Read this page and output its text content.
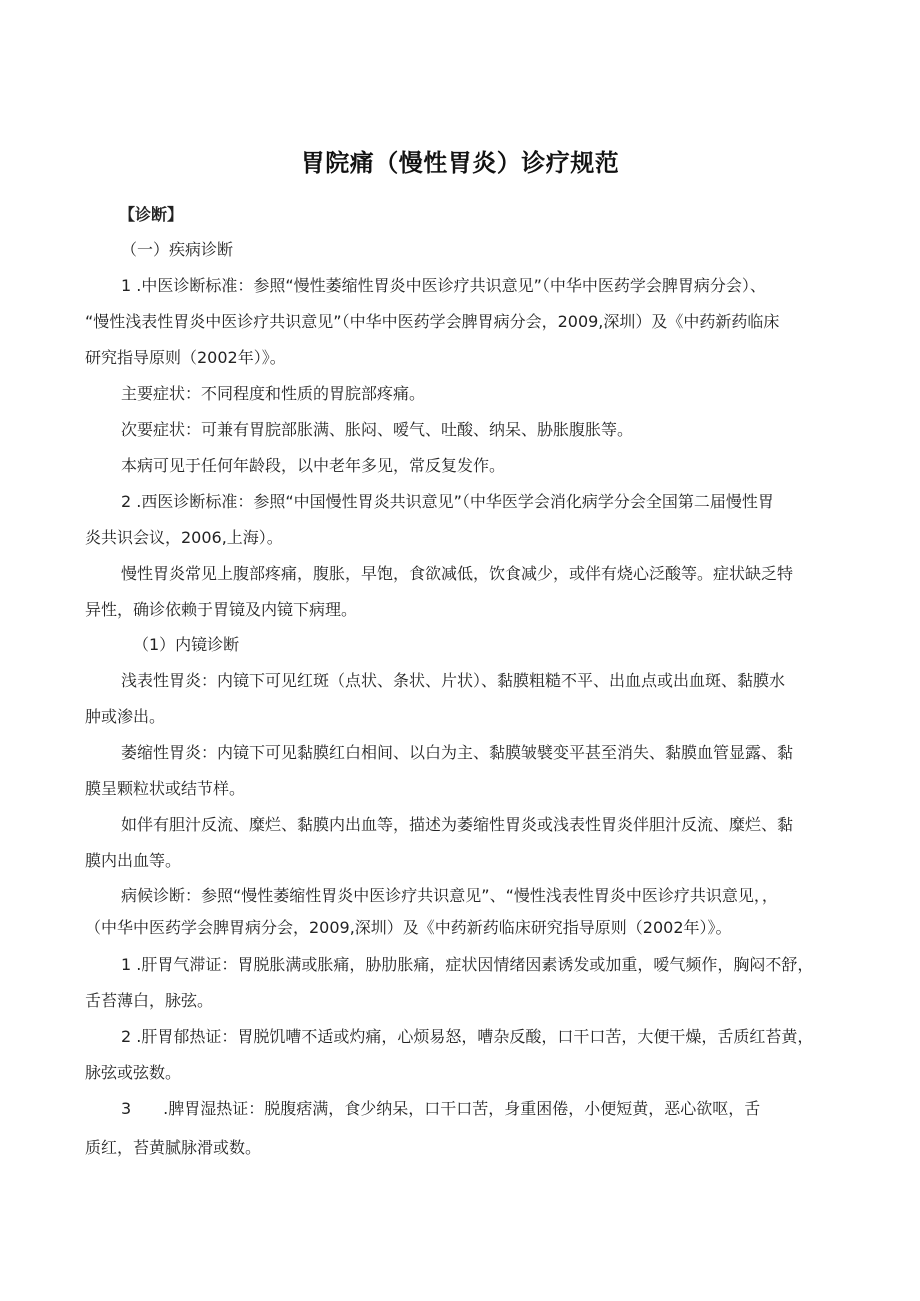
胃院痛（慢性胃炎）诊疗规范
【诊断】
（一）疾病诊断
1 .中医诊断标准：参照“慢性萎缩性胃炎中医诊疗共识意见”（中华中医药学会脾胃病分会）、
“慢性浅表性胃炎中医诊疗共识意见”（中华中医药学会脾胃病分会，2009,深圳）及《中药新药临床
研究指导原则（2002年）》。
主要症状：不同程度和性质的胃脘部疼痛。
次要症状：可兼有胃脘部胀满、胀闷、嗳气、吐酸、纳呆、胁胀腹胀等。
本病可见于任何年龄段，以中老年多见，常反复发作。
2 .西医诊断标准：参照“中国慢性胃炎共识意见”（中华医学会消化病学分会全国第二届慢性胃
炎共识会议，2006,上海）。
慢性胃炎常见上腹部疼痛，腹胀，早饱，食欲减低，饮食减少，或伴有烧心泛酸等。症状缺乏特
异性，确诊依赖于胃镜及内镜下病理。
（1）内镜诊断
浅表性胃炎：内镜下可见红斑（点状、条状、片状）、黏膜粗糙不平、出血点或出血斑、黏膜水
肿或渗出。
萎缩性胃炎：内镜下可见黏膜红白相间、以白为主、黏膜皱襞变平甚至消失、黏膜血管显露、黏
膜呈颗粒状或结节样。
如伴有胆汁反流、糜烂、黏膜内出血等，描述为萎缩性胃炎或浅表性胃炎伴胆汁反流、糜烂、黏
膜内出血等。
病候诊断：参照“慢性萎缩性胃炎中医诊疗共识意见”、“慢性浅表性胃炎中医诊疗共识意见，，
（中华中医药学会脾胃病分会，2009,深圳）及《中药新药临床研究指导原则（2002年）》。
1 .肝胃气滞证：胃脱胀满或胀痛，胁肋胀痛，症状因情绪因素诱发或加重，嗳气频作，胸闷不舒，
舌苔薄白，脉弦。
2 .肝胃郁热证：胃脱饥嘈不适或灼痛，心烦易怒，嘈杂反酸，口干口苦，大便干燥，舌质红苔黄，
脉弦或弦数。
3　　.脾胃湿热证：脱腹痞满，食少纳呆，口干口苦，身重困倦，小便短黄，恶心欲呕，舌
质红，苔黄腻脉滑或数。
